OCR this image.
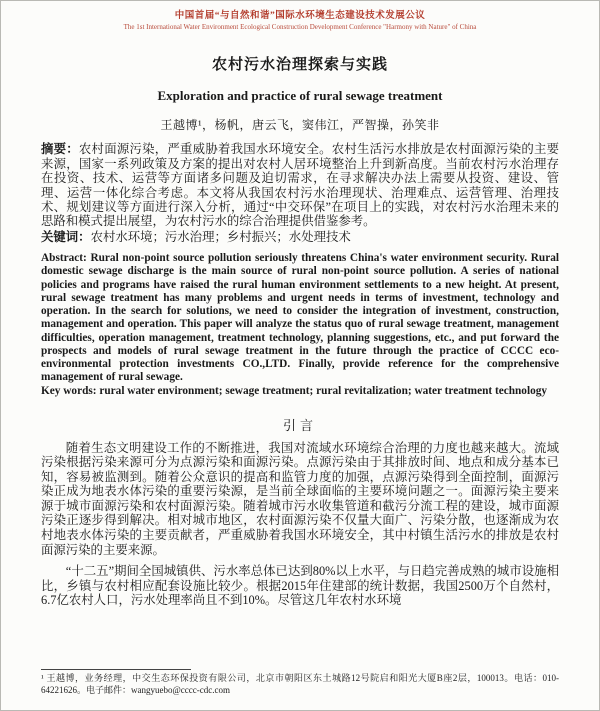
中国首届“与自然和谐”国际水环境生态建设技术发展公议
The 1st International Water Environment Ecological Construction Development Conference "Harmony with Nature" of China
农村污水治理探索与实践
Exploration and practice of rural sewage treatment
王越博¹，杨帆，唐云飞，窦伟江，严智操，孙笑非
摘要：农村面源污染，严重威胁着我国水环境安全。农村生活污水排放是农村面源污染的主要来源，国家一系列政策及方案的提出对农村人居环境整治上升到新高度。当前农村污水治理存在投资、技术、运营等方面诸多问题及迫切需求，在寻求解决办法上需要从投资、建设、管理、运营一体化综合考虑。本文将从我国农村污水治理现状、治理难点、运营管理、治理技术、规划建议等方面进行深入分析，通过“中交环保”在项目上的实践，对农村污水治理未来的思路和模式提出展望，为农村污水的综合治理提供借鉴参考。
关键词：农村水环境；污水治理；乡村振兴；水处理技术
Abstract: Rural non-point source pollution seriously threatens China's water environment security. Rural domestic sewage discharge is the main source of rural non-point source pollution. A series of national policies and programs have raised the rural human environment settlements to a new height. At present, rural sewage treatment has many problems and urgent needs in terms of investment, technology and operation. In the search for solutions, we need to consider the integration of investment, construction, management and operation. This paper will analyze the status quo of rural sewage treatment, management difficulties, operation management, treatment technology, planning suggestions, etc., and put forward the prospects and models of rural sewage treatment in the future through the practice of CCCC eco-environmental protection investments CO.,LTD. Finally, provide reference for the comprehensive management of rural sewage.
Key words: rural water environment; sewage treatment; rural revitalization; water treatment technology
引言
随着生态文明建设工作的不断推进，我国对流域水环境综合治理的力度也越来越大。流域污染根据污染来源可分为点源污染和面源污染。点源污染由于其排放时间、地点和成分基本已知，容易被监测到。随着公众意识的提高和监管力度的加强，点源污染得到全面控制，面源污染正成为地表水体污染的重要污染源，是当前全球面临的主要环境问题之一。面源污染主要来源于城市面源污染和农村面源污染。随着城市污水收集管道和截污分流工程的建设，城市面源污染正逐步得到解决。相对城市地区，农村面源污染不仅量大面广、污染分散，也逐渐成为农村地表水体污染的主要贡献者，严重威胁着我国水环境安全，其中村镇生活污水的排放是农村面源污染的主要来源。
“十二五”期间全国城镇供、污水率总体已达到80%以上水平，与日趋完善成熟的城市设施相比，乡镇与农村相应配套设施比较少。根据2015年住建部的统计数据，我国2500万个自然村，6.7亿农村人口，污水处理率尚且不到10%。尽管这几年农村水环境
¹ 王越博，业务经理，中交生态环保投资有限公司，北京市朝阳区东土城路12号院启和阳光大厦B座2层，100013。电话：010-64221626。电子邮件：wangyuebo@cccc-cdc.com
